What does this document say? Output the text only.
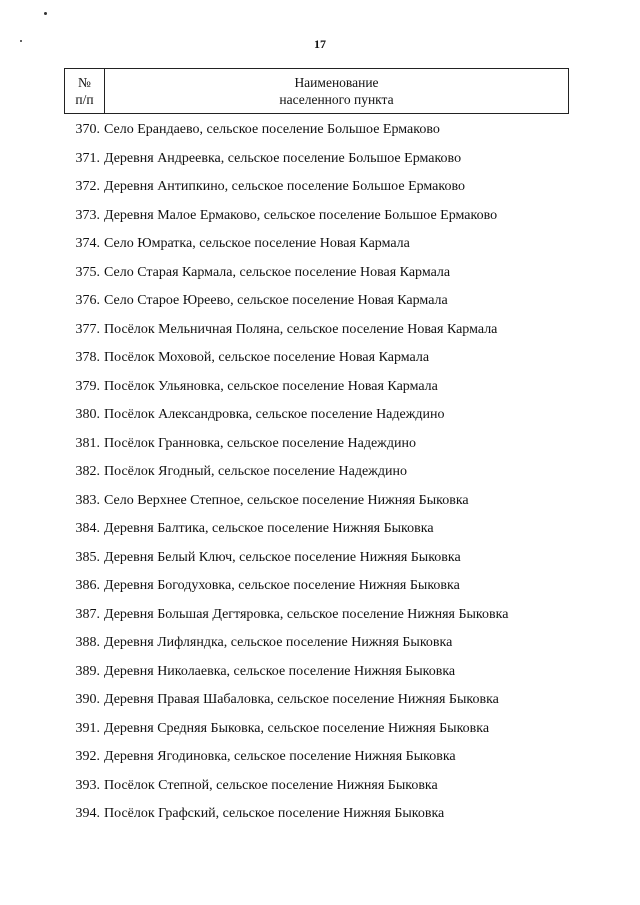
17
№
п/п
Наименование
населенного пункта
370. Село Ерандаево, сельское поселение Большое Ермаково
371. Деревня Андреевка, сельское поселение Большое Ермаково
372. Деревня Антипкино, сельское поселение Большое Ермаково
373. Деревня Малое Ермаково, сельское поселение Большое Ермаково
374. Село Юмратка, сельское поселение Новая Кармала
375. Село Старая Кармала, сельское поселение Новая Кармала
376. Село Старое Юреево, сельское поселение Новая Кармала
377. Посёлок Мельничная Поляна, сельское поселение Новая Кармала
378. Посёлок Моховой, сельское поселение Новая Кармала
379. Посёлок Ульяновка, сельское поселение Новая Кармала
380. Посёлок Александровка, сельское поселение Надеждино
381. Посёлок Гранновка, сельское поселение Надеждино
382. Посёлок Ягодный, сельское поселение Надеждино
383. Село Верхнее Степное, сельское поселение Нижняя Быковка
384. Деревня Балтика, сельское поселение Нижняя Быковка
385. Деревня Белый Ключ, сельское поселение Нижняя Быковка
386. Деревня Богодуховка, сельское поселение Нижняя Быковка
387. Деревня Большая Дегтяровка, сельское поселение Нижняя Быковка
388. Деревня Лифляндка, сельское поселение Нижняя Быковка
389. Деревня Николаевка, сельское поселение Нижняя Быковка
390. Деревня Правая Шабаловка, сельское поселение Нижняя Быковка
391. Деревня Средняя Быковка, сельское поселение Нижняя Быковка
392. Деревня Ягодиновка, сельское поселение Нижняя Быковка
393. Посёлок Степной, сельское поселение Нижняя Быковка
394. Посёлок Графский, сельское поселение Нижняя Быковка
